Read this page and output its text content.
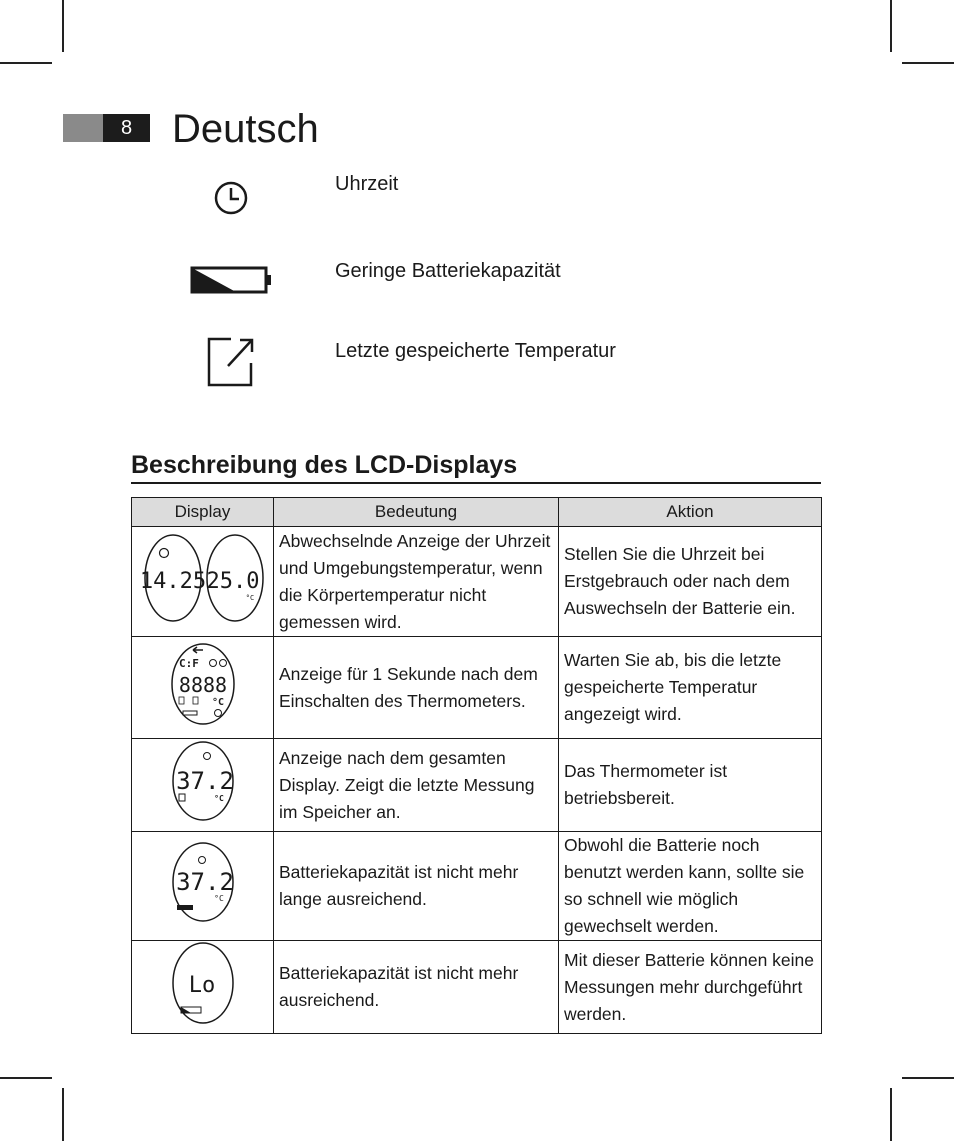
8 Deutsch
Uhrzeit
Geringe Batteriekapazität
Letzte gespeicherte Temperatur
Beschreibung des LCD-Displays
Display	Bedeutung	Aktion

14.25 25.0
°C	Abwechselnde Anzeige der Uhrzeit und Umgebungstemperatur, wenn die Körpertemperatur nicht gemessen wird.	Stellen Sie die Uhrzeit bei Erstgebrauch oder nach dem Auswechseln der Batterie ein.

C:F
8888
°C	Anzeige für 1 Sekunde nach dem Einschalten des Thermometers.	Warten Sie ab, bis die letzte gespeicherte Temperatur angezeigt wird.

37.2
°C	Anzeige nach dem gesamten Display. Zeigt die letzte Messung im Speicher an.	Das Thermometer ist betriebsbereit.

37.2
°C	Batteriekapazität ist nicht mehr lange ausreichend.	Obwohl die Batterie noch benutzt werden kann, sollte sie so schnell wie möglich gewechselt werden.

Lo	Batteriekapazität ist nicht mehr ausreichend.	Mit dieser Batterie können keine Messungen mehr durchgeführt werden.
